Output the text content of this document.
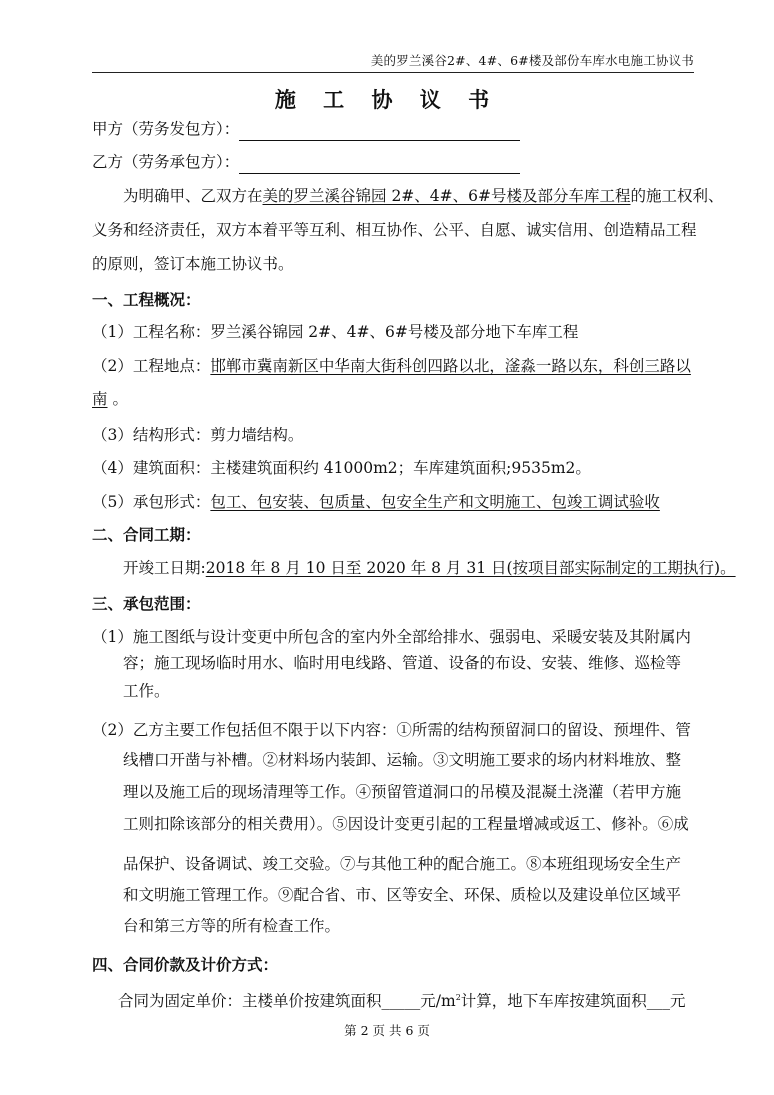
美的罗兰溪谷2#、4#、6#楼及部份车库水电施工协议书
施 工 协 议 书
甲方（劳务发包方）：
乙方（劳务承包方）：
为明确甲、乙双方在美的罗兰溪谷锦园 2#、4#、6#号楼及部分车库工程的施工权利、
义务和经济责任，双方本着平等互利、相互协作、公平、自愿、诚实信用、创造精品工程
的原则，签订本施工协议书。
一、工程概况：
（1）工程名称：罗兰溪谷锦园 2#、4#、6#号楼及部分地下车库工程
（2）工程地点：邯郸市冀南新区中华南大街科创四路以北，滏淼一路以东，科创三路以
南 。
（3）结构形式：剪力墙结构。
（4）建筑面积：主楼建筑面积约 41000m2；车库建筑面积;9535m2。
（5）承包形式：包工、包安装、包质量、包安全生产和文明施工、包竣工调试验收
二、合同工期：
开竣工日期:2018 年 8 月 10 日至 2020 年 8 月 31 日(按项目部实际制定的工期执行)。
三、承包范围：
（1）施工图纸与设计变更中所包含的室内外全部给排水、强弱电、采暖安装及其附属内
容；施工现场临时用水、临时用电线路、管道、设备的布设、安装、维修、巡检等
工作。
（2）乙方主要工作包括但不限于以下内容：①所需的结构预留洞口的留设、预埋件、管
线槽口开凿与补槽。②材料场内装卸、运输。③文明施工要求的场内材料堆放、整
理以及施工后的现场清理等工作。④预留管道洞口的吊模及混凝土浇灌（若甲方施
工则扣除该部分的相关费用）。⑤因设计变更引起的工程量增减或返工、修补。⑥成
品保护、设备调试、竣工交验。⑦与其他工种的配合施工。⑧本班组现场安全生产
和文明施工管理工作。⑨配合省、市、区等安全、环保、质检以及建设单位区域平
台和第三方等的所有检查工作。
四、合同价款及计价方式：
合同为固定单价：主楼单价按建筑面积_____元$/m^2$计算，地下车库按建筑面积___元
第 2 页 共 6 页
